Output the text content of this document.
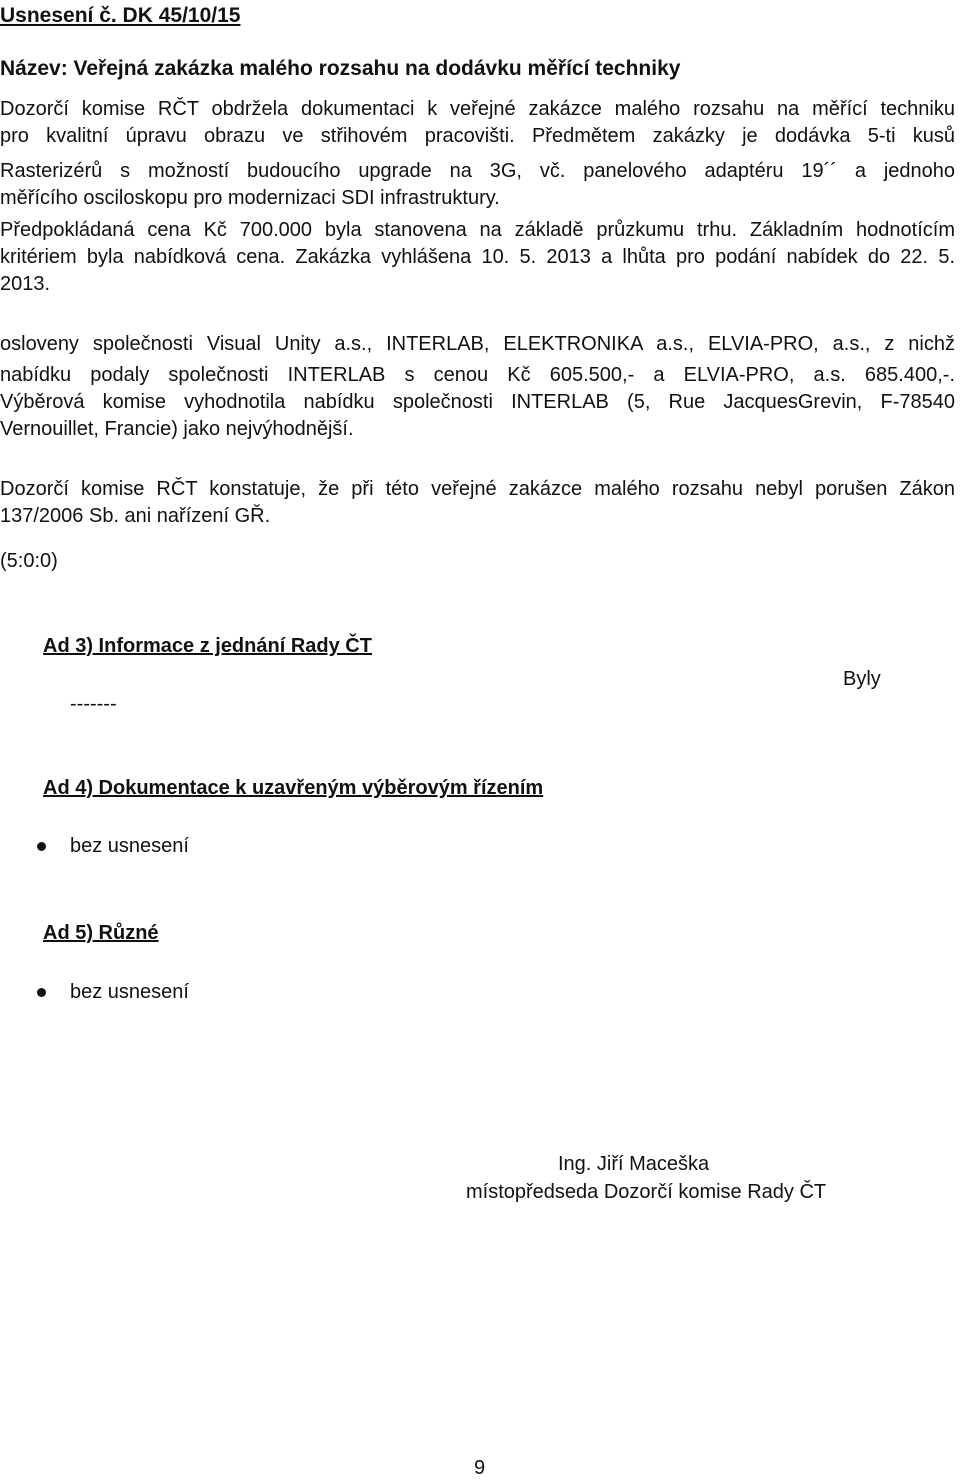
Usnesení č. DK 45/10/15
Název: Veřejná zakázka malého rozsahu na dodávku měřící techniky
Dozorčí komise RČT obdržela dokumentaci k veřejné zakázce malého rozsahu na měřící techniku
pro kvalitní úpravu obrazu ve střihovém pracovišti. Předmětem zakázky je dodávka 5-ti kusů
Rasterizérů s možností budoucího upgrade na 3G, vč. panelového adaptéru 19´´ a jednoho
měřícího osciloskopu pro modernizaci SDI infrastruktury.
Předpokládaná cena Kč 700.000 byla stanovena na základě průzkumu trhu. Základním hodnotícím
kritériem byla nabídková cena. Zakázka vyhlášena 10. 5. 2013 a lhůta pro podání nabídek do 22. 5.
2013.
Byly
osloveny společnosti Visual Unity a.s., INTERLAB, ELEKTRONIKA a.s., ELVIA-PRO, a.s., z nichž
nabídku podaly společnosti INTERLAB s cenou Kč 605.500,- a ELVIA-PRO, a.s. 685.400,-.
Výběrová komise vyhodnotila nabídku společnosti INTERLAB (5, Rue JacquesGrevin, F-78540
Vernouillet, Francie) jako nejvýhodnější.
Dozorčí komise RČT konstatuje, že při této veřejné zakázce malého rozsahu nebyl porušen Zákon
137/2006 Sb. ani nařízení GŘ.
(5:0:0)
Ad 3) Informace z jednání Rady ČT
-------
Ad 4) Dokumentace k uzavřeným výběrovým řízením
bez usnesení
Ad 5) Různé
bez usnesení
Ing. Jiří Maceška
místopředseda Dozorčí komise Rady ČT
9
